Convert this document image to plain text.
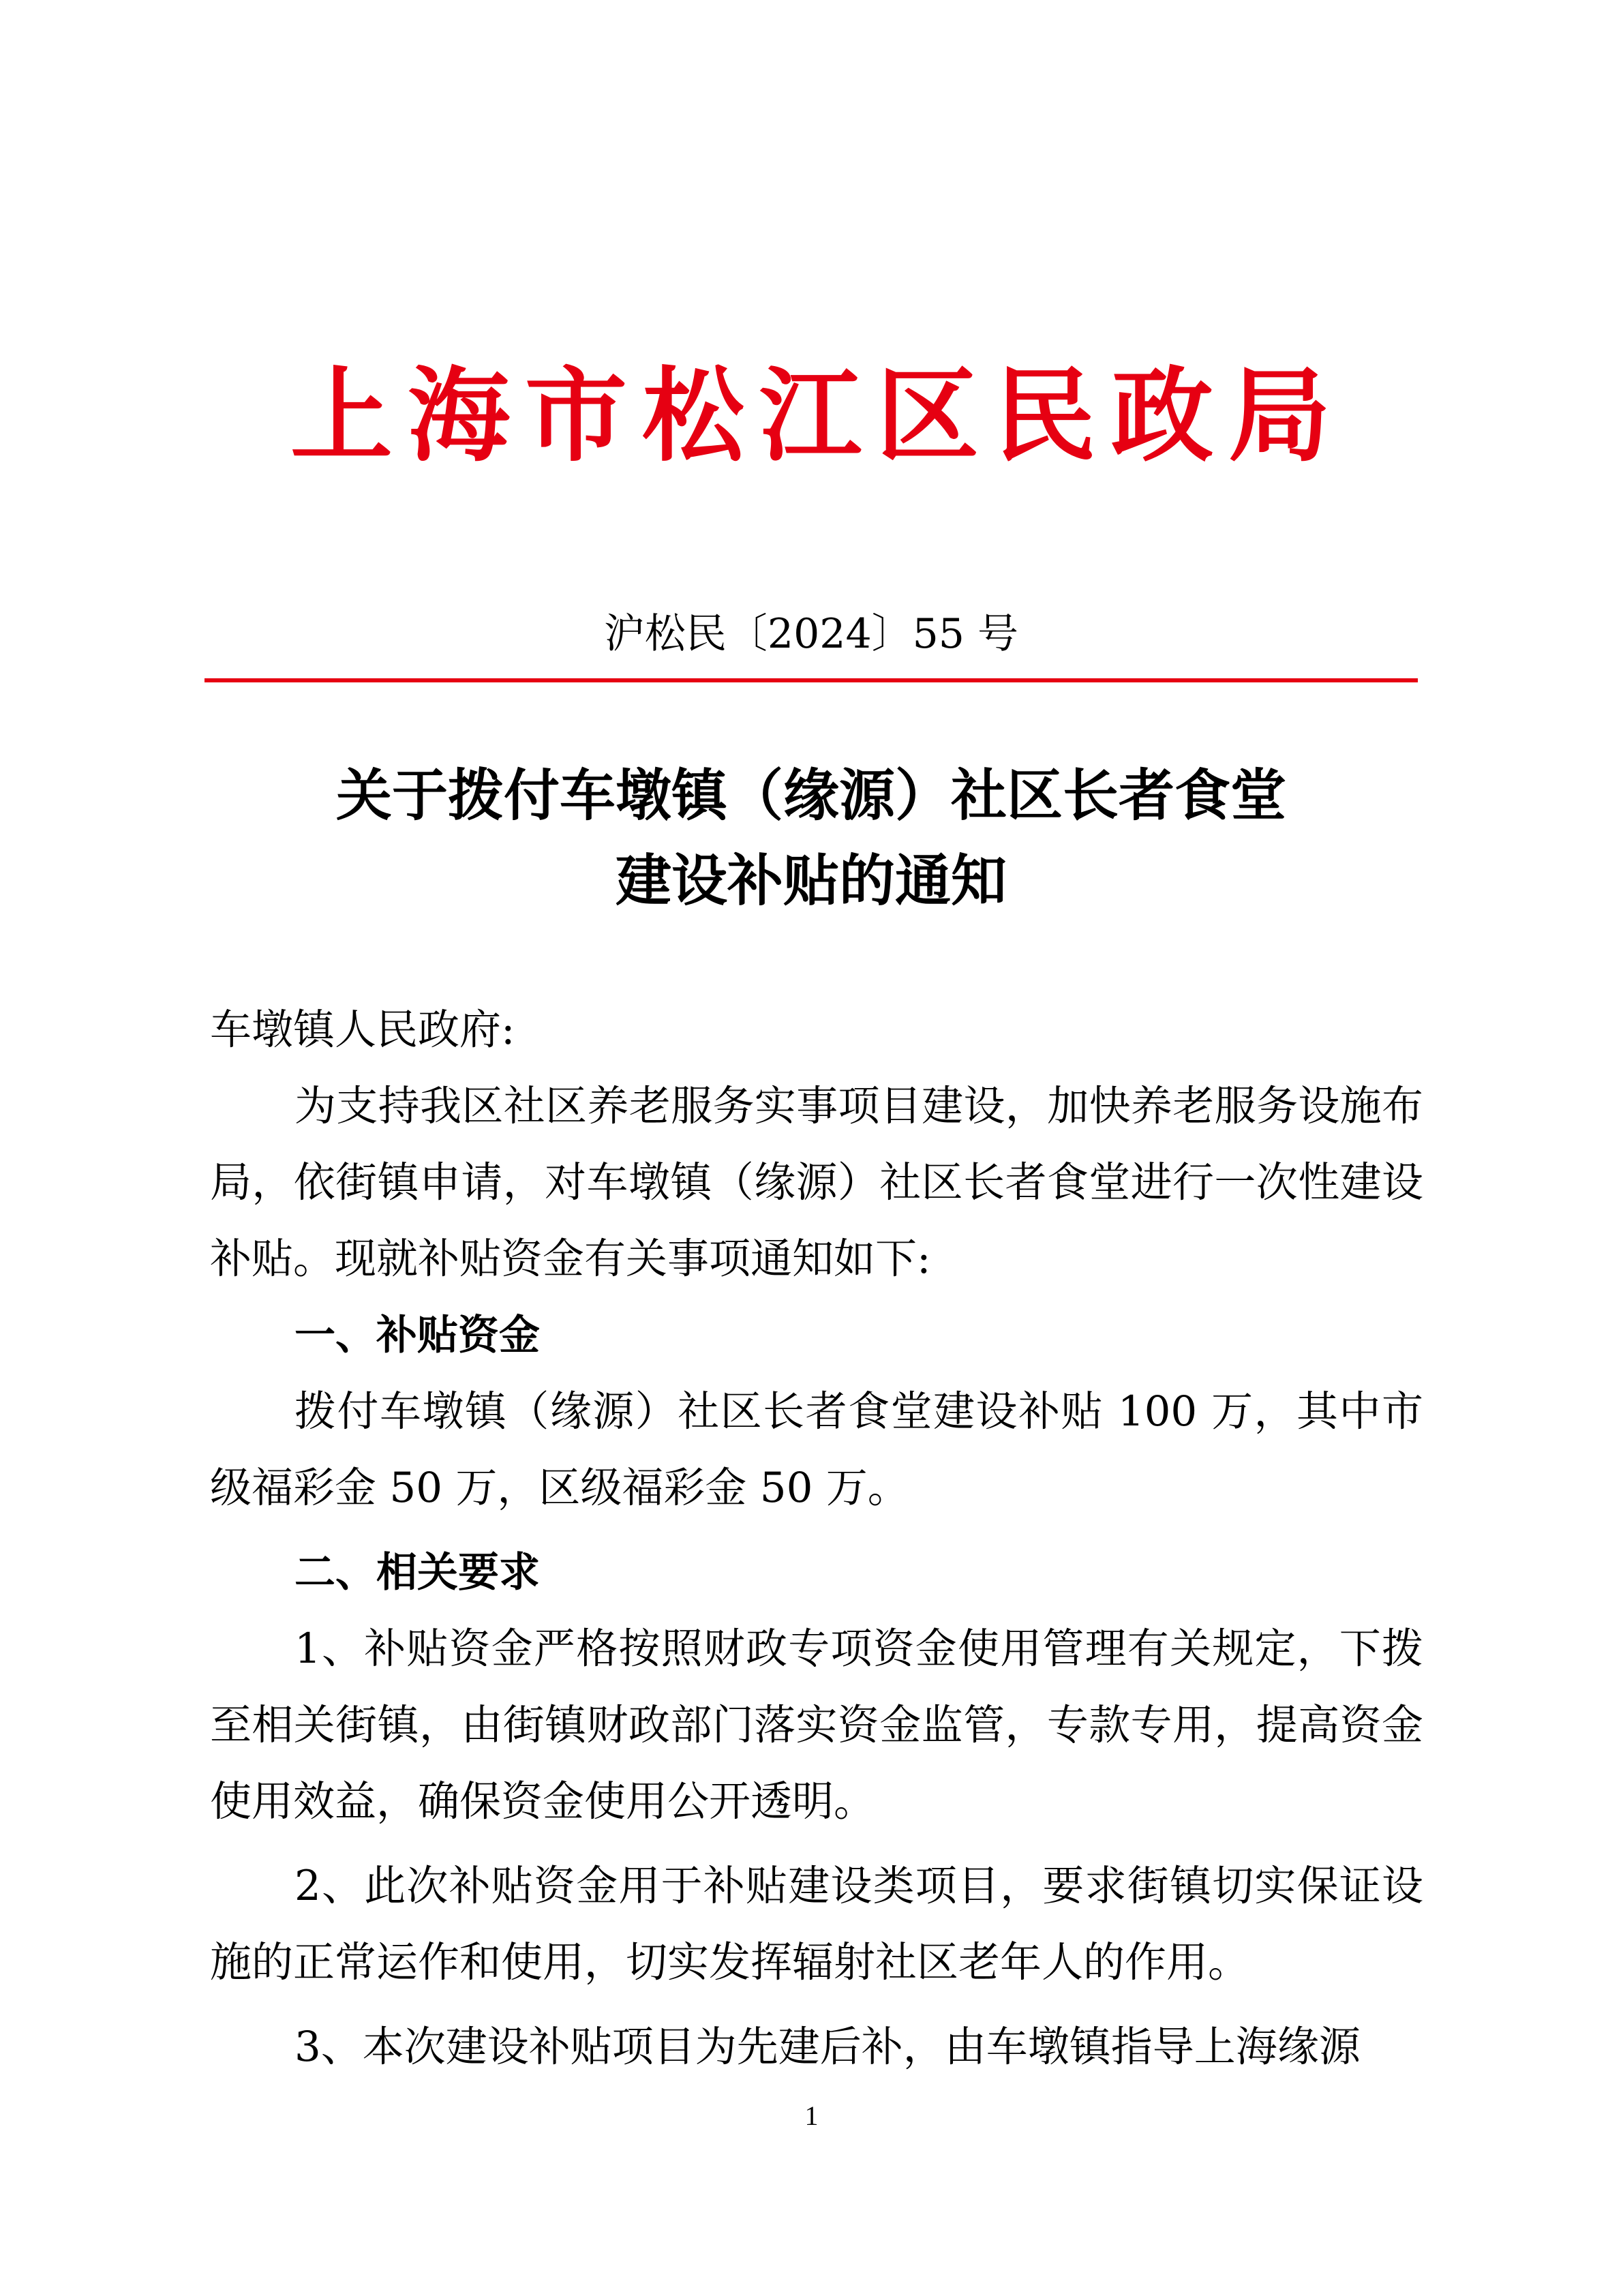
上海市松江区民政局
沪松民〔2024〕55 号
关于拨付车墩镇（缘源）社区长者食堂
建设补贴的通知

车墩镇人民政府:

为支持我区社区养老服务实事项目建设，加快养老服务设施布局，依街镇申请，对车墩镇（缘源）社区长者食堂进行一次性建设补贴。现就补贴资金有关事项通知如下:

一、补贴资金

拨付车墩镇（缘源）社区长者食堂建设补贴 100 万，其中市级福彩金 50 万，区级福彩金 50 万。

二、相关要求

1、补贴资金严格按照财政专项资金使用管理有关规定，下拨至相关街镇，由街镇财政部门落实资金监管，专款专用，提高资金使用效益，确保资金使用公开透明。

2、此次补贴资金用于补贴建设类项目，要求街镇切实保证设施的正常运作和使用，切实发挥辐射社区老年人的作用。

3、本次建设补贴项目为先建后补，由车墩镇指导上海缘源

1
